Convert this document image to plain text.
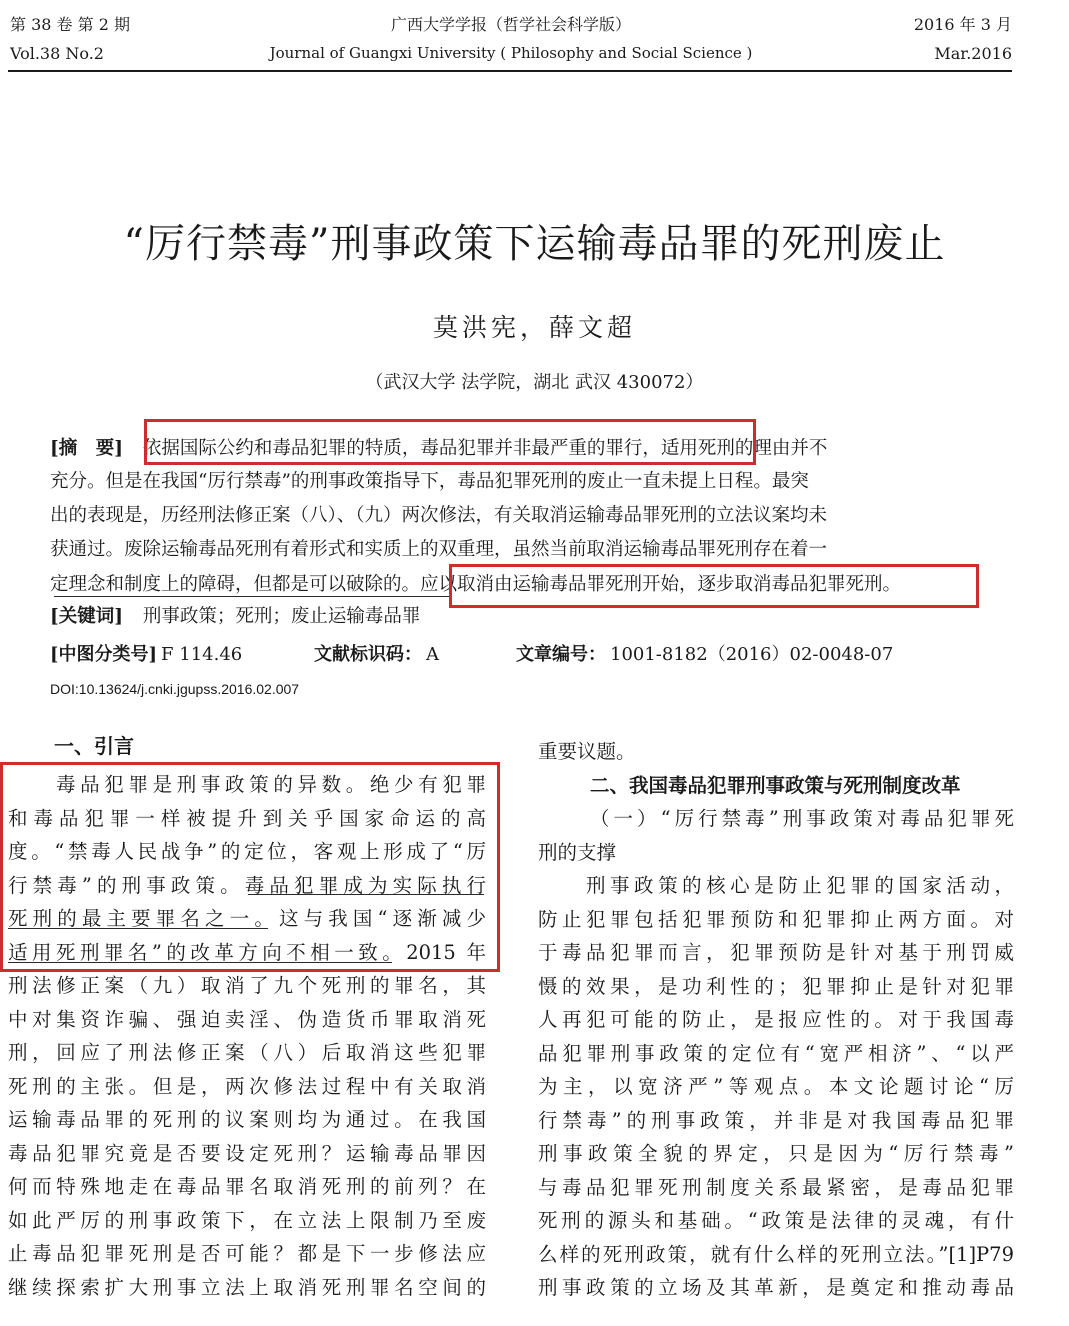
第 38 卷 第 2 期
Vol.38 No.2
广西大学学报（哲学社会科学版）
Journal of Guangxi University ( Philosophy and Social Science )
2016 年 3 月
Mar.2016
“厉行禁毒”刑事政策下运输毒品罪的死刑废止
莫洪宪，薛文超
（武汉大学 法学院，湖北 武汉 430072）
[摘　要] 依据国际公约和毒品犯罪的特质，毒品犯罪并非最严重的罪行，适用死刑的理由并不
充分。但是在我国“厉行禁毒”的刑事政策指导下，毒品犯罪死刑的废止一直未提上日程。最突
出的表现是，历经刑法修正案（八）、（九）两次修法，有关取消运输毒品罪死刑的立法议案均未
获通过。废除运输毒品死刑有着形式和实质上的双重理，虽然当前取消运输毒品罪死刑存在着一
定理念和制度上的障碍，但都是可以破除的。应以取消由运输毒品罪死刑开始，逐步取消毒品犯罪死刑。
[关键词] 刑事政策；死刑；废止运输毒品罪
[中图分类号] F 114.46	文献标识码： A	文章编号： 1001-8182（2016）02-0048-07
DOI:10.13624/j.cnki.jgupss.2016.02.007
一、引言
毒品犯罪是刑事政策的异数。绝少有犯罪
和毒品犯罪一样被提升到关乎国家命运的高
度。“禁毒人民战争”的定位，客观上形成了“厉
行禁毒”的刑事政策。毒品犯罪成为实际执行
死刑的最主要罪名之一。这与我国“逐渐减少
适用死刑罪名”的改革方向不相一致。2015 年
刑法修正案（九）取消了九个死刑的罪名，其
中对集资诈骗、强迫卖淫、伪造货币罪取消死
刑，回应了刑法修正案（八）后取消这些犯罪
死刑的主张。但是，两次修法过程中有关取消
运输毒品罪的死刑的议案则均为通过。在我国
毒品犯罪究竟是否要设定死刑？运输毒品罪因
何而特殊地走在毒品罪名取消死刑的前列？在
如此严厉的刑事政策下，在立法上限制乃至废
止毒品犯罪死刑是否可能？都是下一步修法应
继续探索扩大刑事立法上取消死刑罪名空间的
重要议题。
二、我国毒品犯罪刑事政策与死刑制度改革
（一）“厉行禁毒”刑事政策对毒品犯罪死
刑的支撑
刑事政策的核心是防止犯罪的国家活动，
防止犯罪包括犯罪预防和犯罪抑止两方面。对
于毒品犯罪而言，犯罪预防是针对基于刑罚威
慑的效果，是功利性的；犯罪抑止是针对犯罪
人再犯可能的防止，是报应性的。对于我国毒
品犯罪刑事政策的定位有“宽严相济”、“以严
为主，以宽济严”等观点。本文论题讨论“厉
行禁毒”的刑事政策，并非是对我国毒品犯罪
刑事政策全貌的界定，只是因为“厉行禁毒”
与毒品犯罪死刑制度关系最紧密，是毒品犯罪
死刑的源头和基础。“政策是法律的灵魂，有什
么样的死刑政策，就有什么样的死刑立法。”[1]P79
刑事政策的立场及其革新，是奠定和推动毒品
